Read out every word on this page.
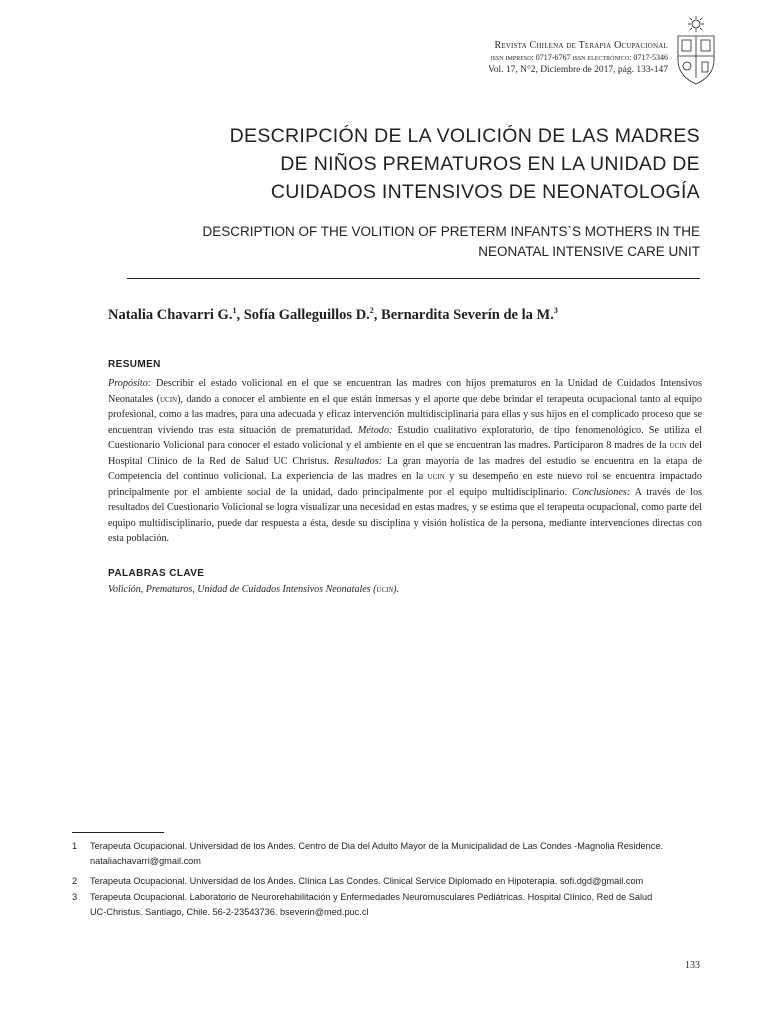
Revista Chilena de Terapia Ocupacional
issn impreso: 0717-6767 issn electrónico: 0717-5346
Vol. 17, N°2, Diciembre de 2017, pág. 133-147
DESCRIPCIÓN DE LA VOLICIÓN DE LAS MADRES
DE NIÑOS PREMATUROS EN LA UNIDAD DE
CUIDADOS INTENSIVOS DE NEONATOLOGÍA
DESCRIPTION OF THE VOLITION OF PRETERM INFANTS`S MOTHERS IN THE
NEONATAL INTENSIVE CARE UNIT
Natalia Chavarri G.$^1$, Sofía Galleguillos D.$^2$, Bernardita Severín de la M.$^3$
RESUMEN
Propósito: Describir el estado volicional en el que se encuentran las madres con hijos prematuros en la Unidad de Cuidados Intensivos Neonatales (ucin), dando a conocer el ambiente en el que están inmersas y el aporte que debe brindar el terapeuta ocupacional tanto al equipo profesional, como a las madres, para una adecuada y eficaz intervención multidisciplinaria para ellas y sus hijos en el complicado proceso que se encuentran viviendo tras esta situación de prematuridad. Método: Estudio cualitativo exploratorio, de tipo fenomenológico. Se utiliza el Cuestionario Volicional para conocer el estado volicional y el ambiente en el que se encuentran las madres. Participaron 8 madres de la ucin del Hospital Clínico de la Red de Salud UC Christus. Resultados: La gran mayoría de las madres del estudio se encuentra en la etapa de Competencia del continuo volicional. La experiencia de las madres en la ucin y su desempeño en este nuevo rol se encuentra impactado principalmente por el ambiente social de la unidad, dado principalmente por el equipo multidisciplinario. Conclusiones: A través de los resultados del Cuestionario Volicional se logra visualizar una necesidad en estas madres, y se estima que el terapeuta ocupacional, como parte del equipo multidisciplinario, puede dar respuesta a ésta, desde su disciplina y visión holística de la persona, mediante intervenciones directas con esta población.
PALABRAS CLAVE
Volición, Prematuros, Unidad de Cuidados Intensivos Neonatales (ucin).
1	Terapeuta Ocupacional. Universidad de los Andes. Centro de Dia del Adulto Mayor de la Municipalidad de Las Condes -Magnolia Residence.
nataliachavarri@gmail.com
2	Terapeuta Ocupacional. Universidad de los Andes. Clínica Las Condes. Clinical Service Diplomado en Hipoterapia. sofi.dgd@gmail.com
3	Terapeuta Ocupacional. Laboratorio de Neurorehabilitación y Enfermedades Neuromusculares Pediátricas. Hospital Clínico, Red de Salud
UC-Christus. Santiago, Chile. 56-2-23543736. bseverin@med.puc.cl
133
